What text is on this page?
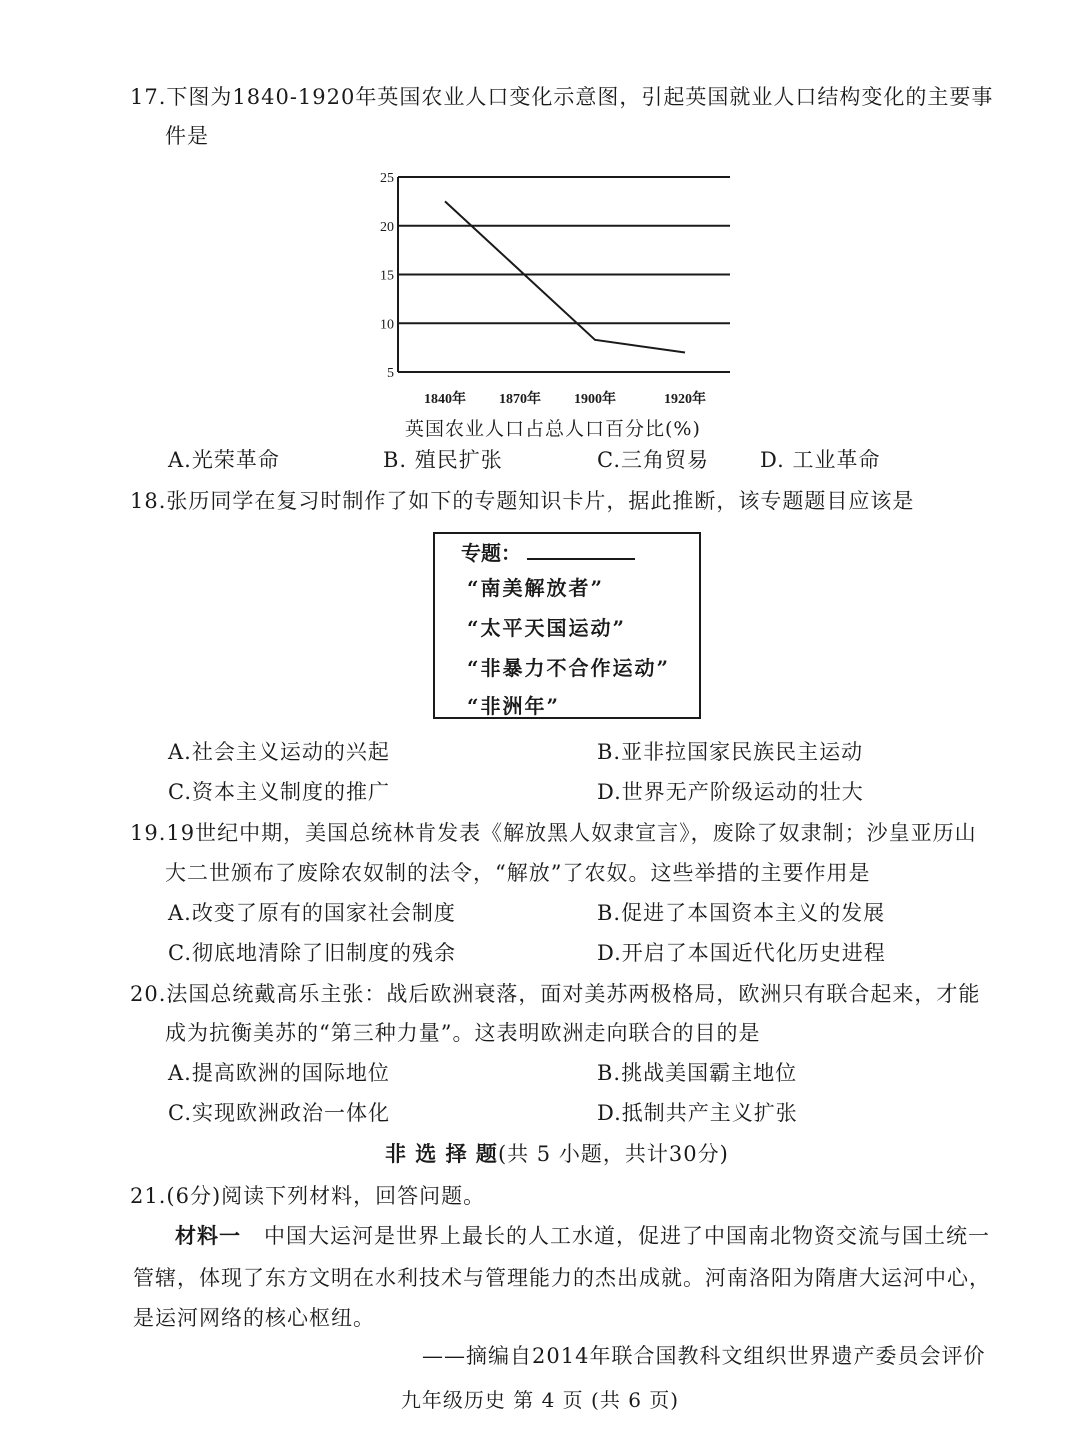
17.下图为1840-1920年英国农业人口变化示意图，引起英国就业人口结构变化的主要事
件是
25
20
15
10
5
1840年 1870年 1900年	1920年
英国农业人口占总人口百分比(%)
A.光荣革命	B. 殖民扩张	C.三角贸易 D. 工业革命
18.张历同学在复习时制作了如下的专题知识卡片，据此推断，该专题题目应该是
专题：
“南美解放者”
“太平天国运动”
“非暴力不合作运动”
“非洲年”
A.社会主义运动的兴起	B.亚非拉国家民族民主运动
C.资本主义制度的推广	D.世界无产阶级运动的壮大
19.19世纪中期，美国总统林肯发表《解放黑人奴隶宣言》，废除了奴隶制；沙皇亚历山
大二世颁布了废除农奴制的法令，“解放”了农奴。这些举措的主要作用是
A.改变了原有的国家社会制度	B.促进了本国资本主义的发展
C.彻底地清除了旧制度的残余	D.开启了本国近代化历史进程
20.法国总统戴高乐主张：战后欧洲衰落，面对美苏两极格局，欧洲只有联合起来，才能
成为抗衡美苏的“第三种力量”。这表明欧洲走向联合的目的是
A.提高欧洲的国际地位	B.挑战美国霸主地位
C.实现欧洲政治一体化	D.抵制共产主义扩张
非 选 择 题(共 5 小题，共计30分)
21.(6分)阅读下列材料，回答问题。
材料一 中国大运河是世界上最长的人工水道，促进了中国南北物资交流与国土统一
管辖，体现了东方文明在水利技术与管理能力的杰出成就。河南洛阳为隋唐大运河中心，
是运河网络的核心枢纽。
——摘编自2014年联合国教科文组织世界遗产委员会评价
九年级历史 第 4 页 (共 6 页)
